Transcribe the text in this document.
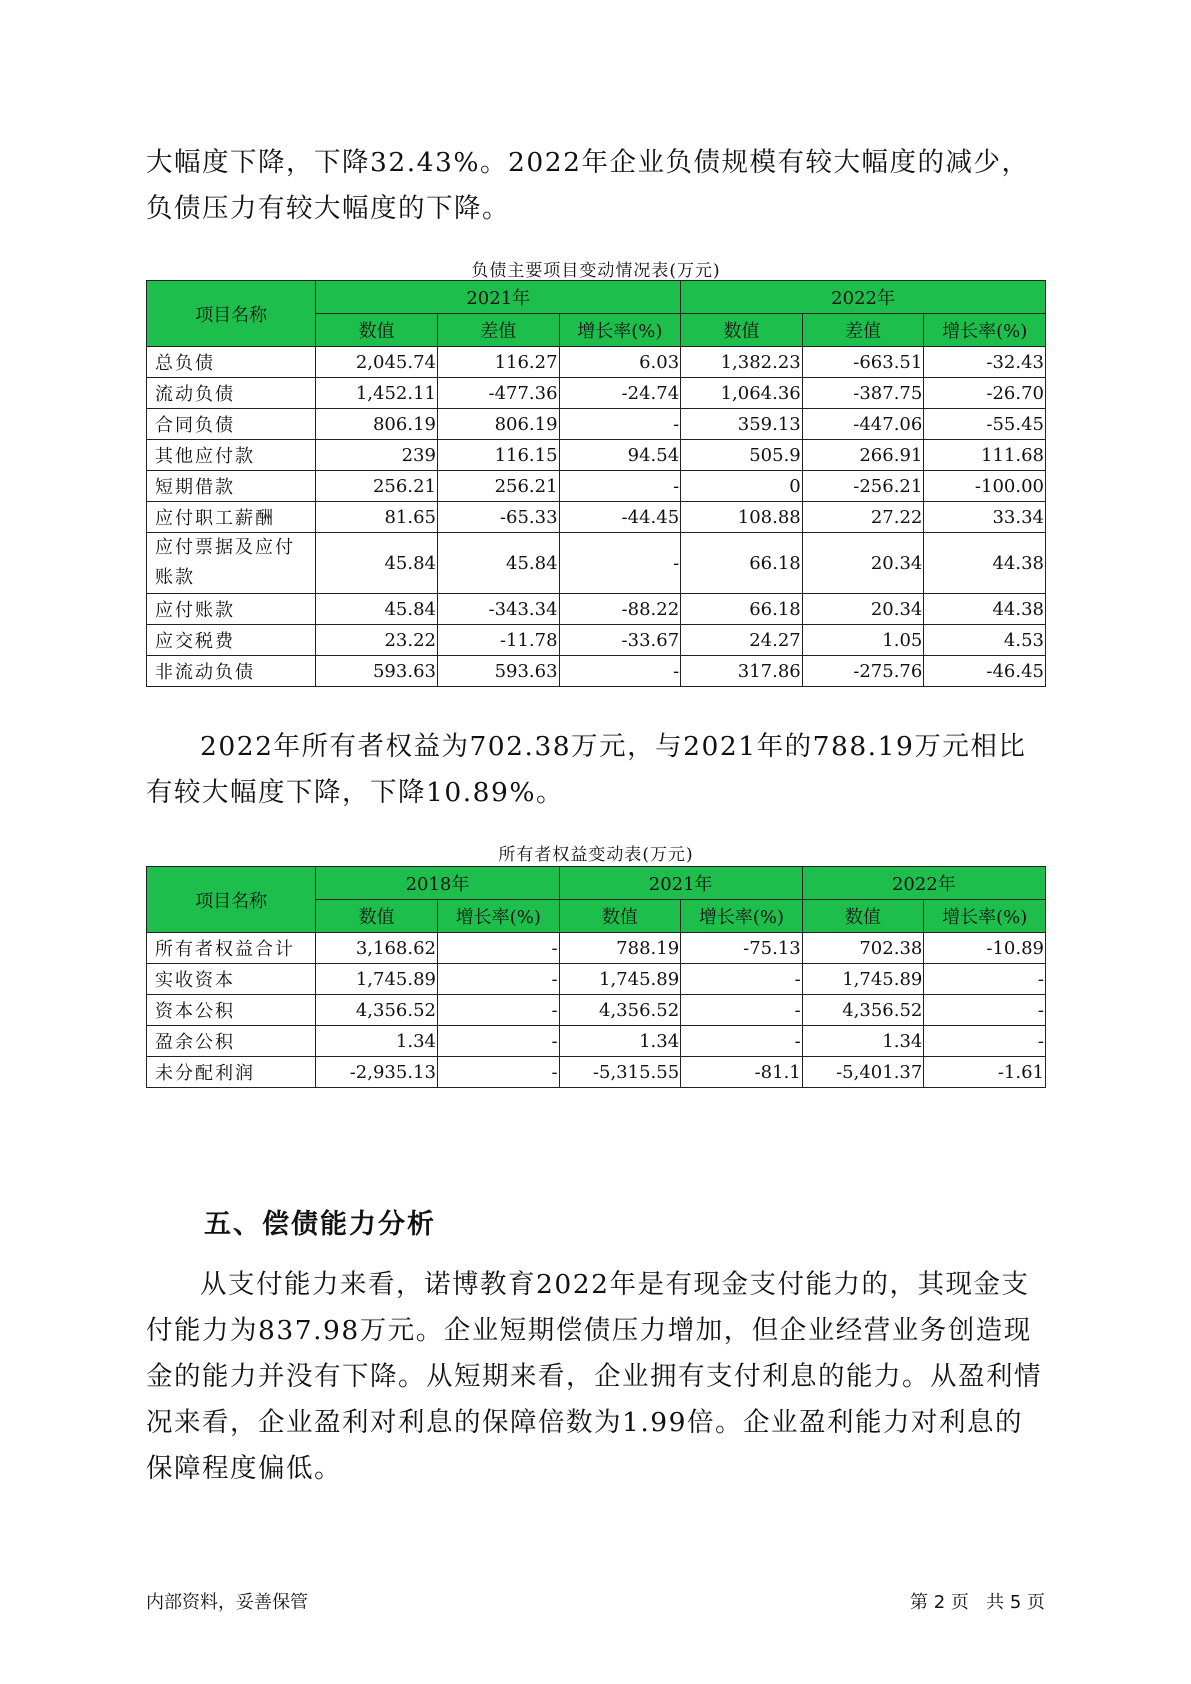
大幅度下降，下降32.43%。2022年企业负债规模有较大幅度的减少，负债压力有较大幅度的下降。

负债主要项目变动情况表(万元)
项目名称	2021年			2022年		
	数值	差值	增长率(%)	数值	差值	增长率(%)
总负债	2,045.74	116.27	6.03	1,382.23	-663.51	-32.43
流动负债	1,452.11	-477.36	-24.74	1,064.36	-387.75	-26.70
合同负债	806.19	806.19	-	359.13	-447.06	-55.45
其他应付款	239	116.15	94.54	505.9	266.91	111.68
短期借款	256.21	256.21	-	0	-256.21	-100.00
应付职工薪酬	81.65	-65.33	-44.45	108.88	27.22	33.34
应付票据及应付账款	45.84	45.84	-	66.18	20.34	44.38
应付账款	45.84	-343.34	-88.22	66.18	20.34	44.38
应交税费	23.22	-11.78	-33.67	24.27	1.05	4.53
非流动负债	593.63	593.63	-	317.86	-275.76	-46.45

2022年所有者权益为702.38万元，与2021年的788.19万元相比有较大幅度下降，下降10.89%。

所有者权益变动表(万元)
项目名称	2018年		2021年		2022年	
	数值	增长率(%)	数值	增长率(%)	数值	增长率(%)
所有者权益合计	3,168.62	-	788.19	-75.13	702.38	-10.89
实收资本	1,745.89	-	1,745.89	-	1,745.89	-
资本公积	4,356.52	-	4,356.52	-	4,356.52	-
盈余公积	1.34	-	1.34	-	1.34	-
未分配利润	-2,935.13	-	-5,315.55	-81.1	-5,401.37	-1.61
五、偿债能力分析

从支付能力来看，诺博教育2022年是有现金支付能力的，其现金支付能力为837.98万元。企业短期偿债压力增加，但企业经营业务创造现金的能力并没有下降。从短期来看，企业拥有支付利息的能力。从盈利情况来看，企业盈利对利息的保障倍数为1.99倍。企业盈利能力对利息的保障程度偏低。

内部资料，妥善保管	第 2 页   共 5 页
